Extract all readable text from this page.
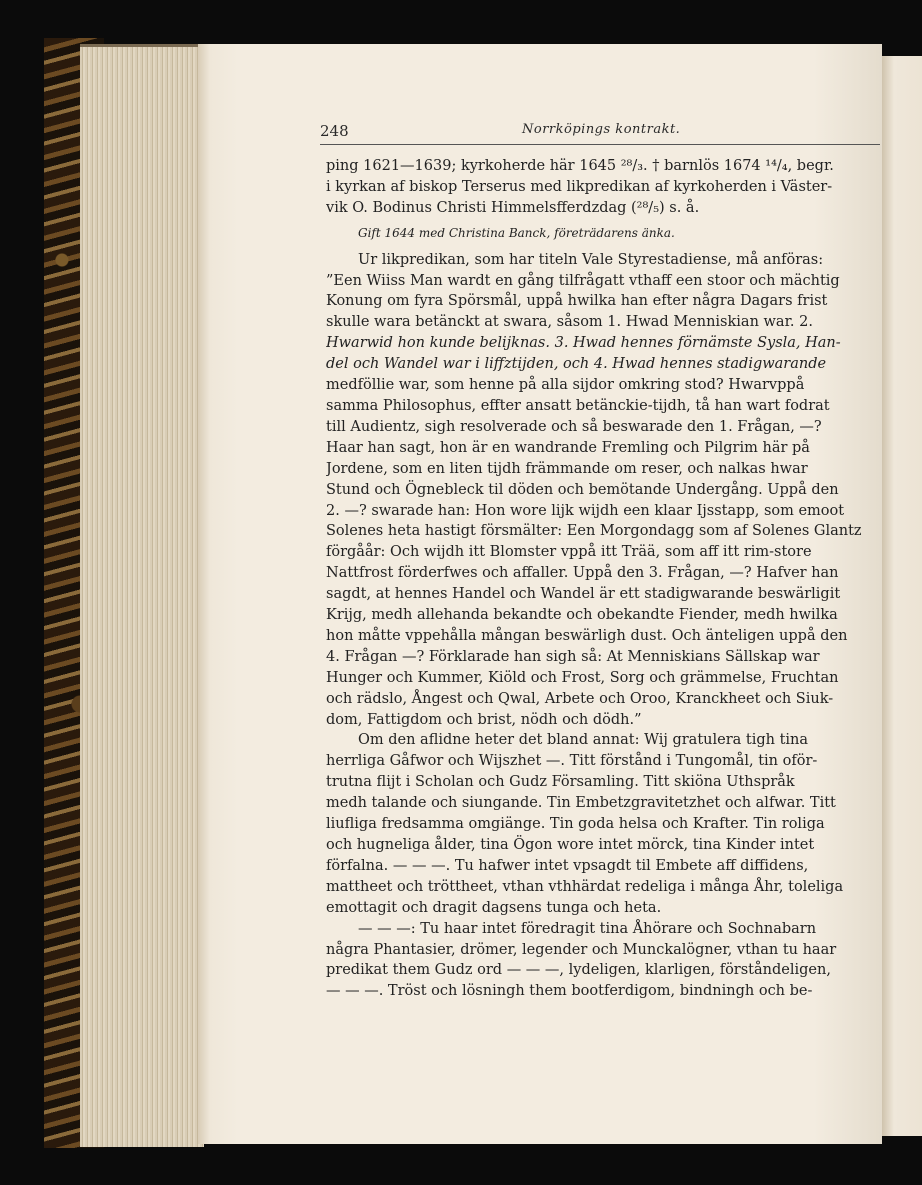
248	Norrköpings kontrakt.
ping 1621—1639; kyrkoherde här 1645 ²⁸/₃. † barnlös 1674 ¹⁴/₄, begr.
i kyrkan af biskop Terserus med likpredikan af kyrkoherden i Väster-
vik O. Bodinus Christi Himmelsfferdzdag (²⁸/₅) s. å.
Gift 1644 med Christina Banck, företrädarens änka.
Ur likpredikan, som har titeln Vale Styrestadiense, må anföras:
”Een Wiiss Man wardt en gång tilfrågatt vthaff een stoor och mächtig
Konung om fyra Spörsmål, uppå hwilka han efter några Dagars frist
skulle wara betänckt at swara, såsom 1. Hwad Menniskian war. 2.
Hwarwid hon kunde belijknas. 3. Hwad hennes förnämste Sysla, Han-
del och Wandel war i liffztijden, och 4. Hwad hennes stadigwarande
medföllie war, som henne på alla sijdor omkring stod? Hwarvppå
samma Philosophus, effter ansatt betänckie-tijdh, tå han wart fodrat
till Audientz, sigh resolverade och så beswarade den 1. Frågan, —?
Haar han sagt, hon är en wandrande Fremling och Pilgrim här på
Jordene, som en liten tijdh främmande om reser, och nalkas hwar
Stund och Ögnebleck til döden och bemötande Undergång. Uppå den
2. —? swarade han: Hon wore lijk wijdh een klaar Ijsstapp, som emoot
Solenes heta hastigt försmälter: Een Morgondagg som af Solenes Glantz
förgåår: Och wijdh itt Blomster vppå itt Trää, som aff itt rim-store
Nattfrost förderfwes och affaller. Uppå den 3. Frågan, —? Hafver han
sagdt, at hennes Handel och Wandel är ett stadigwarande beswärligit
Krijg, medh allehanda bekandte och obekandte Fiender, medh hwilka
hon måtte vppehålla mångan beswärligh dust. Och änteligen uppå den
4. Frågan —? Förklarade han sigh så: At Menniskians Sällskap war
Hunger och Kummer, Kiöld och Frost, Sorg och grämmelse, Fruchtan
och rädslo, Ångest och Qwal, Arbete och Oroo, Kranckheet och Siuk-
dom, Fattigdom och brist, nödh och dödh.”
Om den aflidne heter det bland annat: Wij gratulera tigh tina
herrliga Gåfwor och Wijszhet —. Titt förstånd i Tungomål, tin oför-
trutna flijt i Scholan och Gudz Församling. Titt skiöna Uthspråk
medh talande och siungande. Tin Embetzgravitetzhet och alfwar. Titt
liufliga fredsamma omgiänge. Tin goda helsa och Krafter. Tin roliga
och hugneliga ålder, tina Ögon wore intet mörck, tina Kinder intet
förfalna. — — —. Tu hafwer intet vpsagdt til Embete aff diffidens,
mattheet och tröttheet, vthan vthhärdat redeliga i många Åhr, toleliga
emottagit och dragit dagsens tunga och heta.
— — —: Tu haar intet föredragit tina Åhörare och Sochnabarn
några Phantasier, drömer, legender och Munckalögner, vthan tu haar
predikat them Gudz ord — — —, lydeligen, klarligen, förståndeligen,
— — —. Tröst och lösningh them bootferdigom, bindningh och be-
